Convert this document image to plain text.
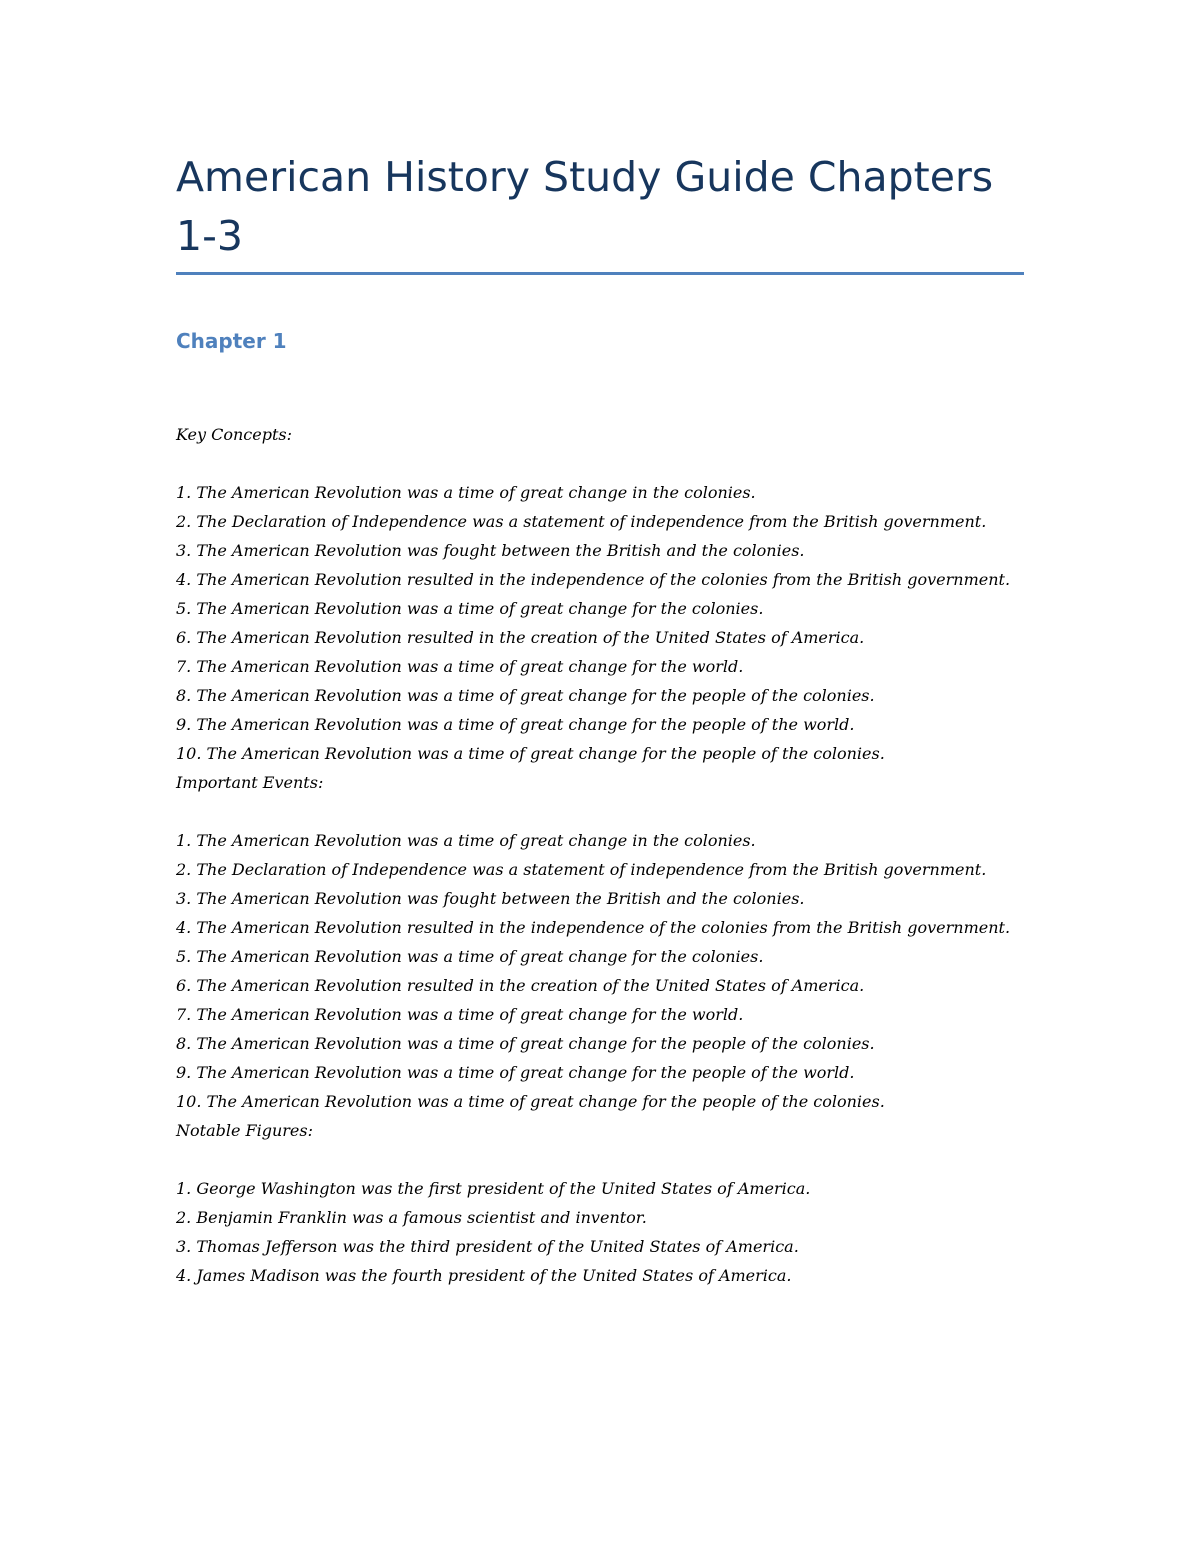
American History Study Guide Chapters 1-3
Chapter 1
Key Concepts:
1. The American Revolution was a time of great change in the colonies.
2. The Declaration of Independence was a statement of independence from the British government.
3. The American Revolution was fought between the British and the colonies.
4. The American Revolution resulted in the independence of the colonies from the British government.
5. The American Revolution was a time of great change for the colonies.
6. The American Revolution resulted in the creation of the United States of America.
7. The American Revolution was a time of great change for the world.
8. The American Revolution was a time of great change for the people of the colonies.
9. The American Revolution was a time of great change for the people of the world.
10. The American Revolution was a time of great change for the people of the colonies.
Important Events:
1. The American Revolution was a time of great change in the colonies.
2. The Declaration of Independence was a statement of independence from the British government.
3. The American Revolution was fought between the British and the colonies.
4. The American Revolution resulted in the independence of the colonies from the British government.
5. The American Revolution was a time of great change for the colonies.
6. The American Revolution resulted in the creation of the United States of America.
7. The American Revolution was a time of great change for the world.
8. The American Revolution was a time of great change for the people of the colonies.
9. The American Revolution was a time of great change for the people of the world.
10. The American Revolution was a time of great change for the people of the colonies.
Notable Figures:
1. George Washington was the first president of the United States of America.
2. Benjamin Franklin was a famous scientist and inventor.
3. Thomas Jefferson was the third president of the United States of America.
4. James Madison was the fourth president of the United States of America.
